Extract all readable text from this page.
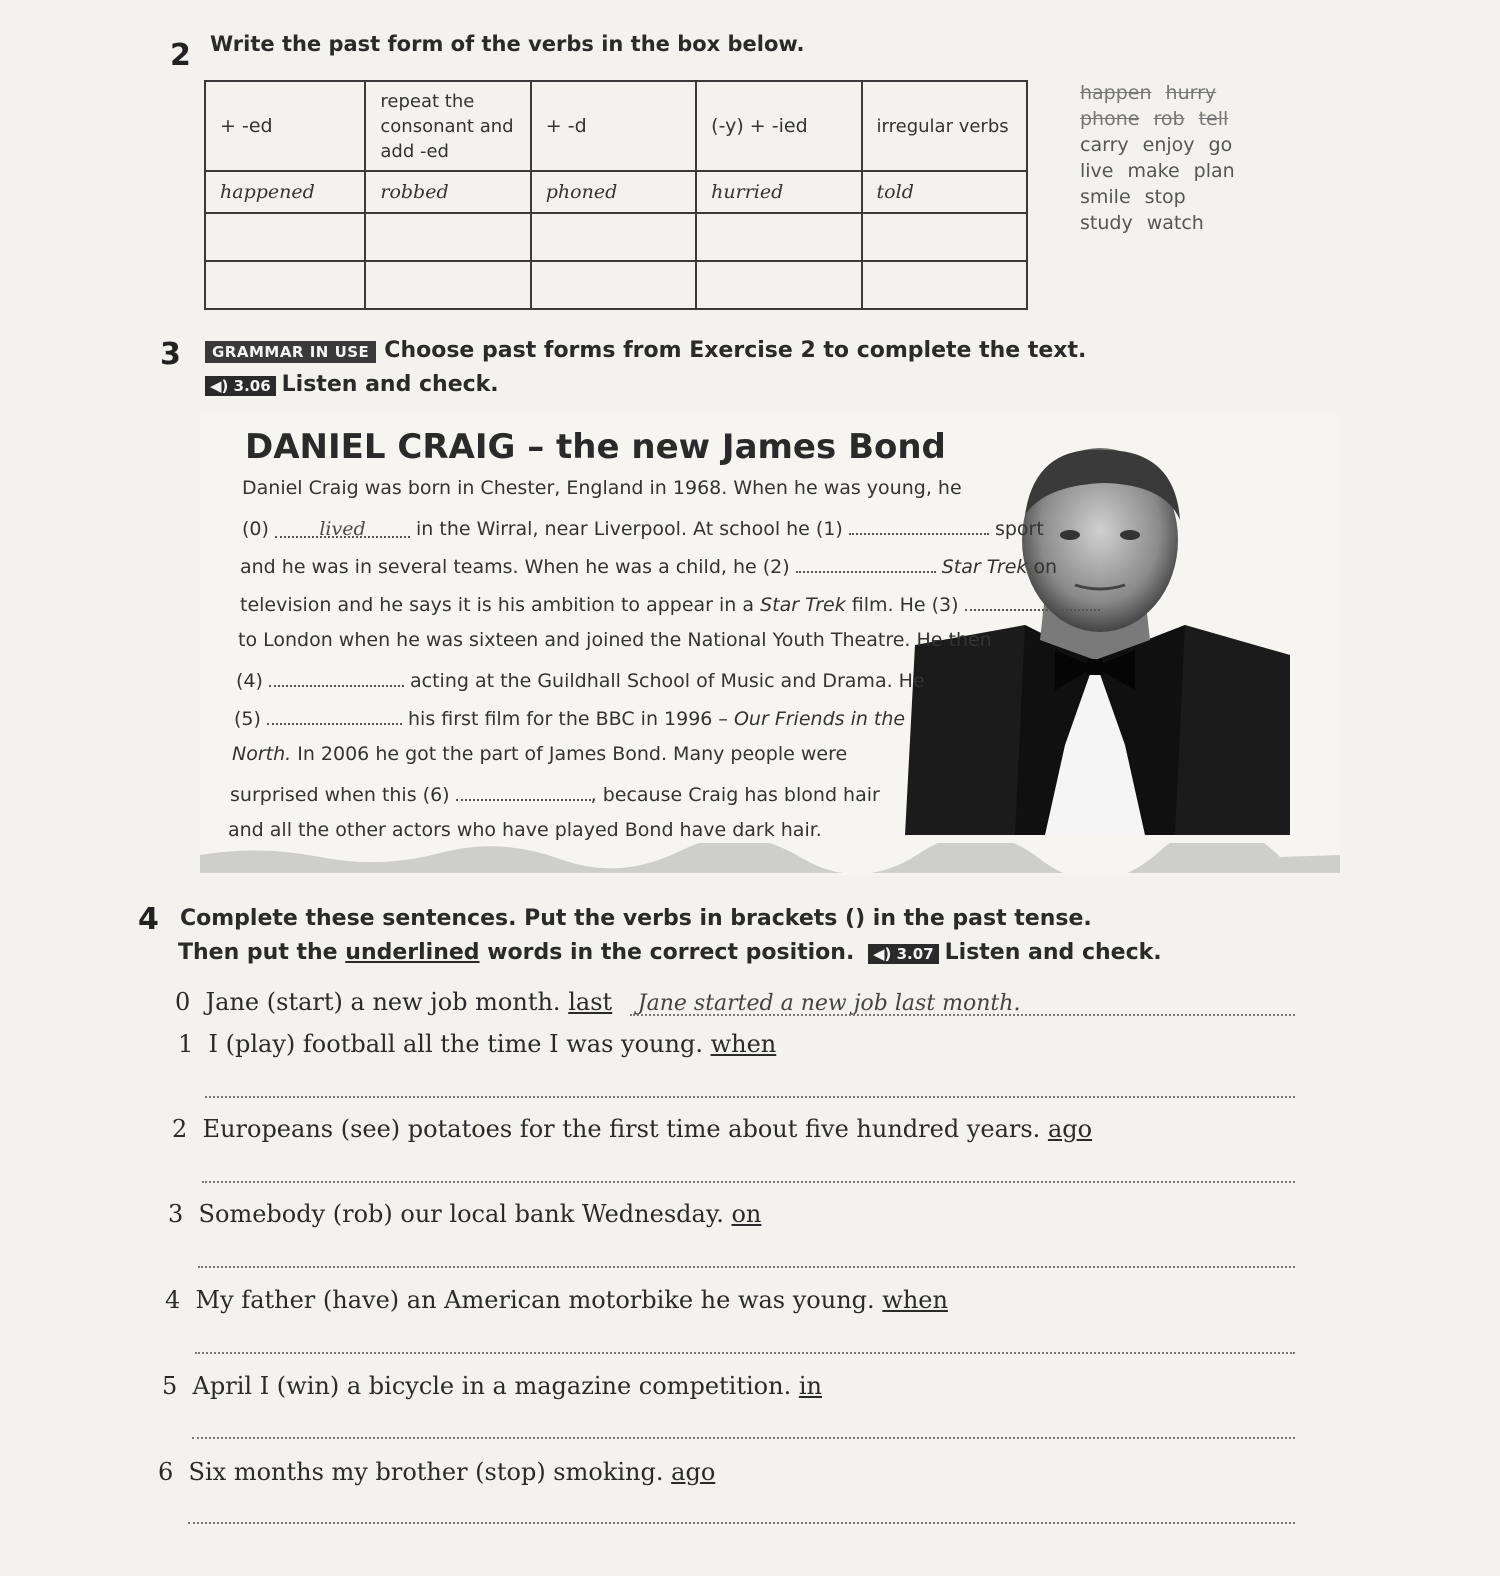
2 Write the past form of the verbs in the box below.
+ -ed	repeat the consonant and add -ed	+ -d	(-y) + -ied	irregular verbs
happened	robbed	phoned	hurried	told

happen hurry
phone rob tell
carry enjoy go
live make plan
smile stop
study watch
3	GRAMMAR IN USE Choose past forms from Exercise 2 to complete the text.
◀) 3.06 Listen and check.
DANIEL CRAIG – the new James Bond
Daniel Craig was born in Chester, England in 1968. When he was young, he
(0)	lived	in the Wirral, near Liverpool. At school he (1)	sport
and he was in several teams. When he was a child, he (2)	Star Trek on
television and he says it is his ambition to appear in a Star Trek film. He (3)
to London when he was sixteen and joined the National Youth Theatre. He then
(4)	acting at the Guildhall School of Music and Drama. He
(5)	his first film for the BBC in 1996 – Our Friends in the
North. In 2006 he got the part of James Bond. Many people were
surprised when this (6)	, because Craig has blond hair
and all the other actors who have played Bond have dark hair.
4 Complete these sentences. Put the verbs in brackets () in the past tense.
Then put the underlined words in the correct position. ◀) 3.07 Listen and check.
0 Jane (start) a new job month. last Jane started a new job last month.
1 I (play) football all the time I was young. when
2 Europeans (see) potatoes for the first time about five hundred years. ago
3 Somebody (rob) our local bank Wednesday. on
4 My father (have) an American motorbike he was young. when
5 April I (win) a bicycle in a magazine competition. in
6 Six months my brother (stop) smoking. ago
